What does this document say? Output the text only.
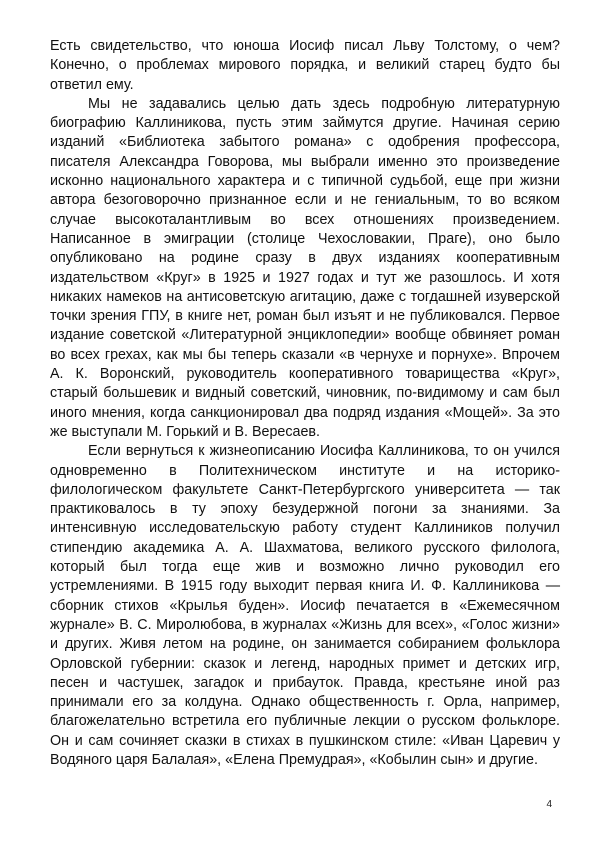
Есть свидетельство, что юноша Иосиф писал Льву Толстому, о чем? Конечно, о проблемах мирового порядка, и великий старец будто бы ответил ему.

Мы не задавались целью дать здесь подробную литературную биографию Каллиникова, пусть этим займутся другие. Начиная серию изданий «Библиотека забытого романа» с одобрения профессора, писателя Александра Говорова, мы выбрали именно это произведение исконно национального характера и с типичной судьбой, еще при жизни автора безоговорочно признанное если и не гениальным, то во всяком случае высокоталантливым во всех отношениях произведением. Написанное в эмиграции (столице Чехословакии, Праге), оно было опубликовано на родине сразу в двух изданиях кооперативным издательством «Круг» в 1925 и 1927 годах и тут же разошлось. И хотя никаких намеков на антисоветскую агитацию, даже с тогдашней изуверской точки зрения ГПУ, в книге нет, роман был изъят и не публиковался. Первое издание советской «Литературной энциклопедии» вообще обвиняет роман во всех грехах, как мы бы теперь сказали «в чернухе и порнухе». Впрочем А. К. Воронский, руководитель кооперативного товарищества «Круг», старый большевик и видный советский, чиновник, по-видимому и сам был иного мнения, когда санкционировал два подряд издания «Мощей». За это же выступали М. Горький и В. Вересаев.

Если вернуться к жизнеописанию Иосифа Каллиникова, то он учился одновременно в Политехническом институте и на историко-филологическом факультете Санкт-Петербургского университета — так практиковалось в ту эпоху безудержной погони за знаниями. За интенсивную исследовательскую работу студент Каллиников получил стипендию академика А. А. Шахматова, великого русского филолога, который был тогда еще жив и возможно лично руководил его устремлениями. В 1915 году выходит первая книга И. Ф. Каллиникова — сборник стихов «Крылья буден». Иосиф печатается в «Ежемесячном журнале» В. С. Миролюбова, в журналах «Жизнь для всех», «Голос жизни» и других. Живя летом на родине, он занимается собиранием фольклора Орловской губернии: сказок и легенд, народных примет и детских игр, песен и частушек, загадок и прибауток. Правда, крестьяне иной раз принимали его за колдуна. Однако общественность г. Орла, например, благожелательно встретила его публичные лекции о русском фольклоре. Он и сам сочиняет сказки в стихах в пушкинском стиле: «Иван Царевич у Водяного царя Балалая», «Елена Премудрая», «Кобылин сын» и другие.

4
